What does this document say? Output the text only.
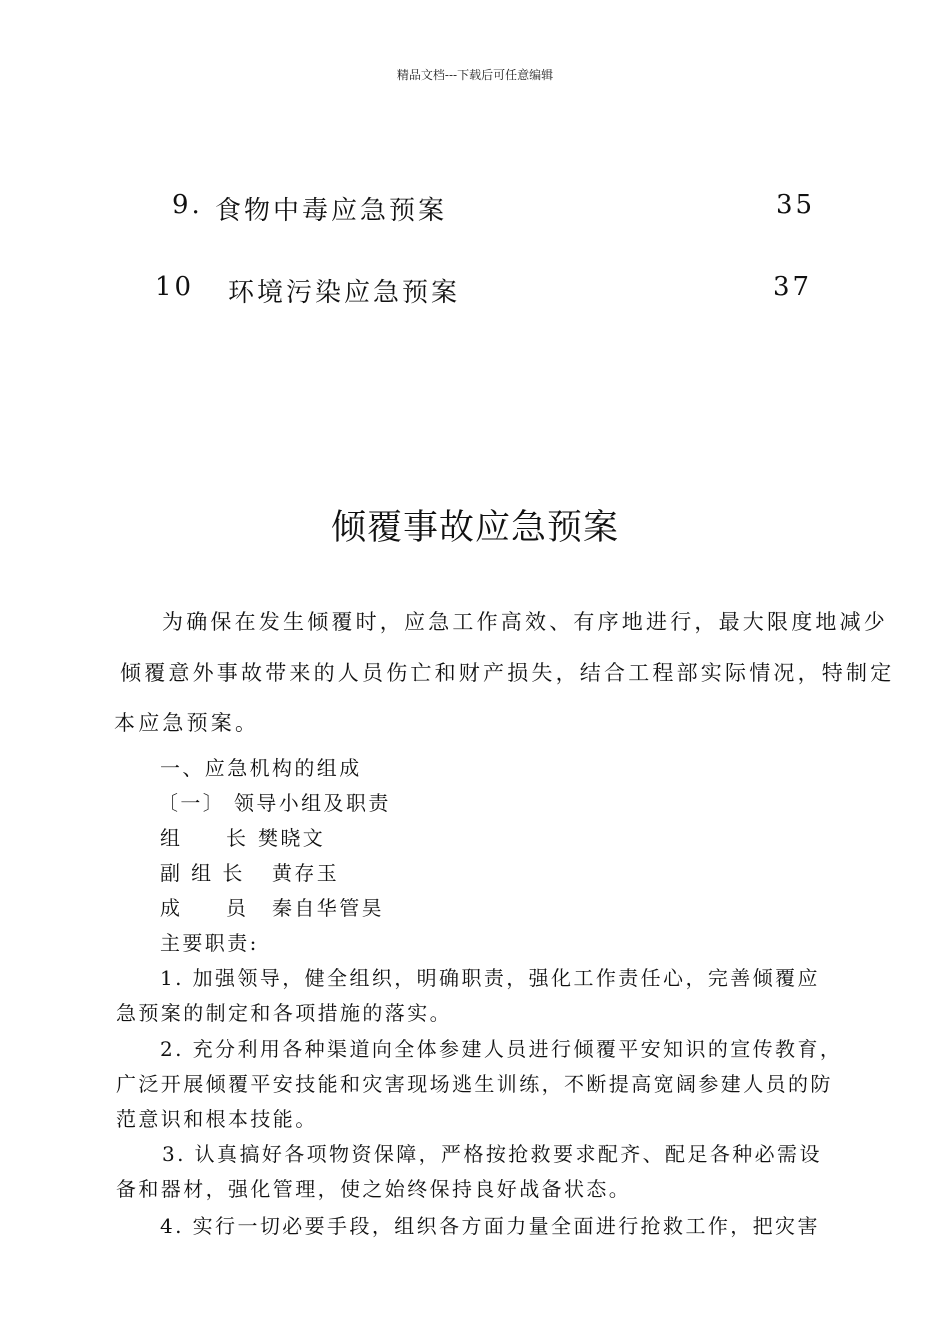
精品文档---下载后可任意编辑
9. 食物中毒应急预案	35
10 环境污染应急预案	37
倾覆事故应急预案
为确保在发生倾覆时，应急工作高效、有序地进行，最大限度地减少
倾覆意外事故带来的人员伤亡和财产损失，结合工程部实际情况，特制定
本应急预案。
一、应急机构的组成
〔一〕 领导小组及职责
组 长 樊晓文
副 组 长 黄存玉
成 员 秦自华管昊
主要职责:
1. 加强领导，健全组织，明确职责，强化工作责任心，完善倾覆应
急预案的制定和各项措施的落实。
2. 充分利用各种渠道向全体参建人员进行倾覆平安知识的宣传教育，
广泛开展倾覆平安技能和灾害现场逃生训练，不断提高宽阔参建人员的防
范意识和根本技能。
3. 认真搞好各项物资保障，严格按抢救要求配齐、配足各种必需设
备和器材，强化管理，使之始终保持良好战备状态。
4. 实行一切必要手段，组织各方面力量全面进行抢救工作，把灾害
